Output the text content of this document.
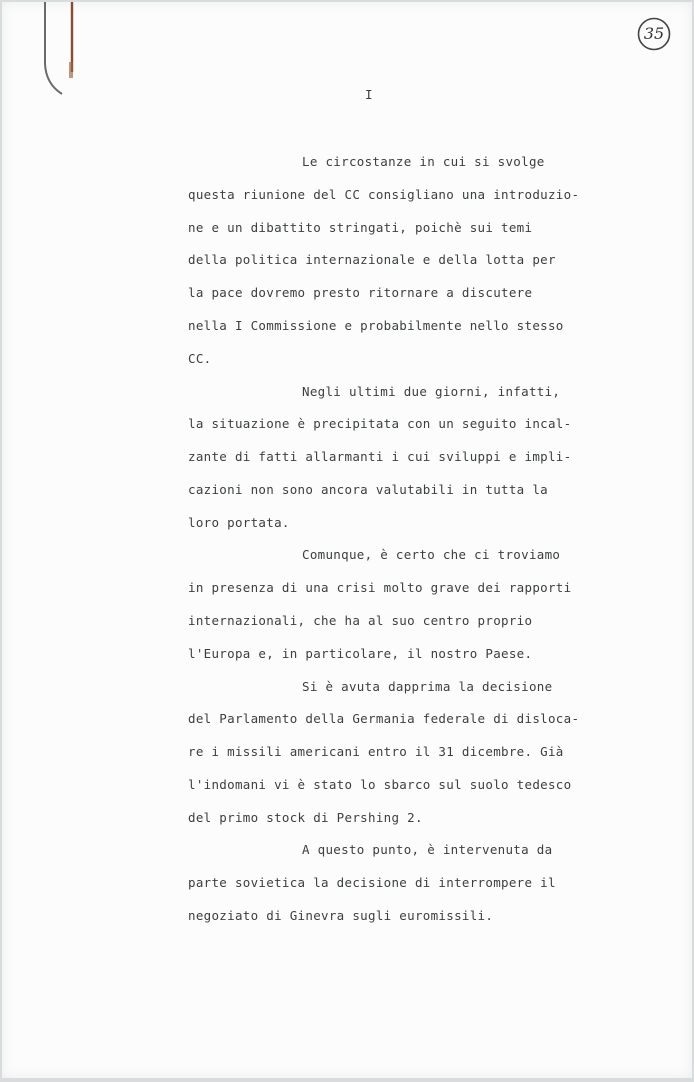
35

I

Le circostanze in cui si svolge

questa riunione del CC consigliano una introduzio-

ne e un dibattito stringati, poichè sui temi

della politica internazionale e della lotta per

la pace dovremo presto ritornare a discutere

nella I Commissione e probabilmente nello stesso

CC.

Negli ultimi due giorni, infatti,

la situazione è precipitata con un seguito incal-

zante di fatti allarmanti i cui sviluppi e impli-

cazioni non sono ancora valutabili in tutta la

loro portata.

Comunque, è certo che ci troviamo

in presenza di una crisi molto grave dei rapporti

internazionali, che ha al suo centro proprio

l'Europa e, in particolare, il nostro Paese.

Si è avuta dapprima la decisione

del Parlamento della Germania federale di disloca-

re i missili americani entro il 31 dicembre. Già

l'indomani vi è stato lo sbarco sul suolo tedesco

del primo stock di Pershing 2.

A questo punto, è intervenuta da

parte sovietica la decisione di interrompere il

negoziato di Ginevra sugli euromissili.
